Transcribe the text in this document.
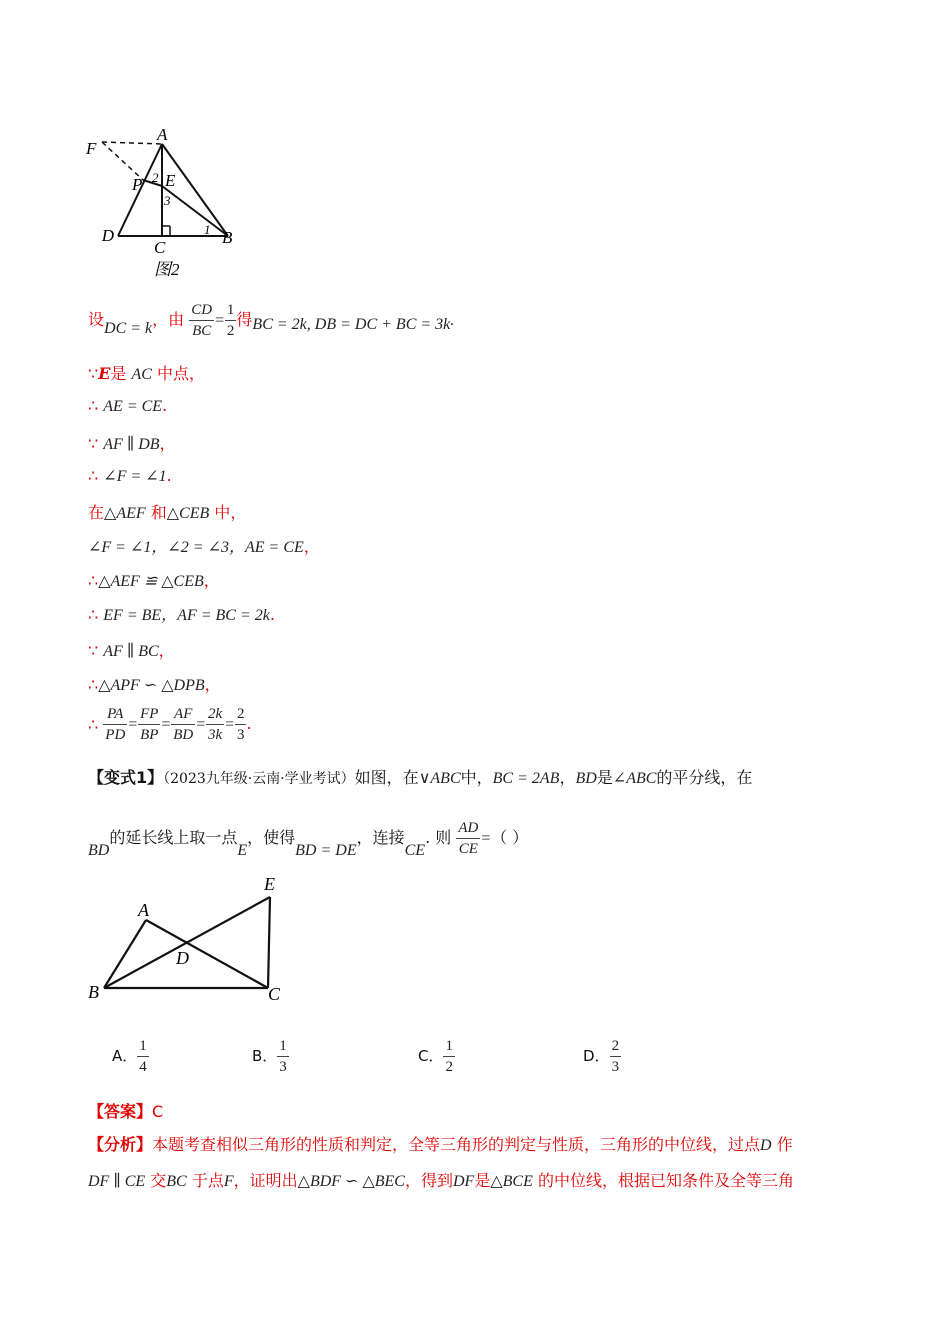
A
F
P E
D
C
B
2
3
1
图2
设DC = k，由 $\frac{CD}{BC} = \frac{1}{2}$ 得BC = 2k, DB = DC + BC = 3k.
∵E是 AC 中点，
∴ AE = CE.
∵ AF ∥ DB，
∴ ∠F = ∠1.
在△AEF 和△CEB 中，
∠F = ∠1，∠2 = ∠3，AE = CE，
∴△AEF ≌ △CEB，
∴ EF = BE，AF = BC = 2k.
∵ AF ∥ BC，
∴△APF ∽ △DPB，
∴ $\frac{PA}{PD} = \frac{FP}{BP} = \frac{AF}{BD} = \frac{2k}{3k} = \frac{2}{3}$ .
【变式1】（2023九年级·云南·学业考试）如图，在∨ABC中，BC = 2AB，BD是∠ABC的平分线，在
BD的延长线上取一点E，使得BD = DE，连接CE. 则 $\frac{AD}{CE}$ =（ ）
A
E
D
B	C
A． $\frac{1}{4}$	B． $\frac{1}{3}$	C． $\frac{1}{2}$	D． $\frac{2}{3}$
【答案】C
【分析】本题考查相似三角形的性质和判定，全等三角形的判定与性质，三角形的中位线，过点D 作
DF ∥ CE 交BC 于点F，证明出△BDF ∽ △BEC，得到DF是△BCE 的中位线，根据已知条件及全等三角
